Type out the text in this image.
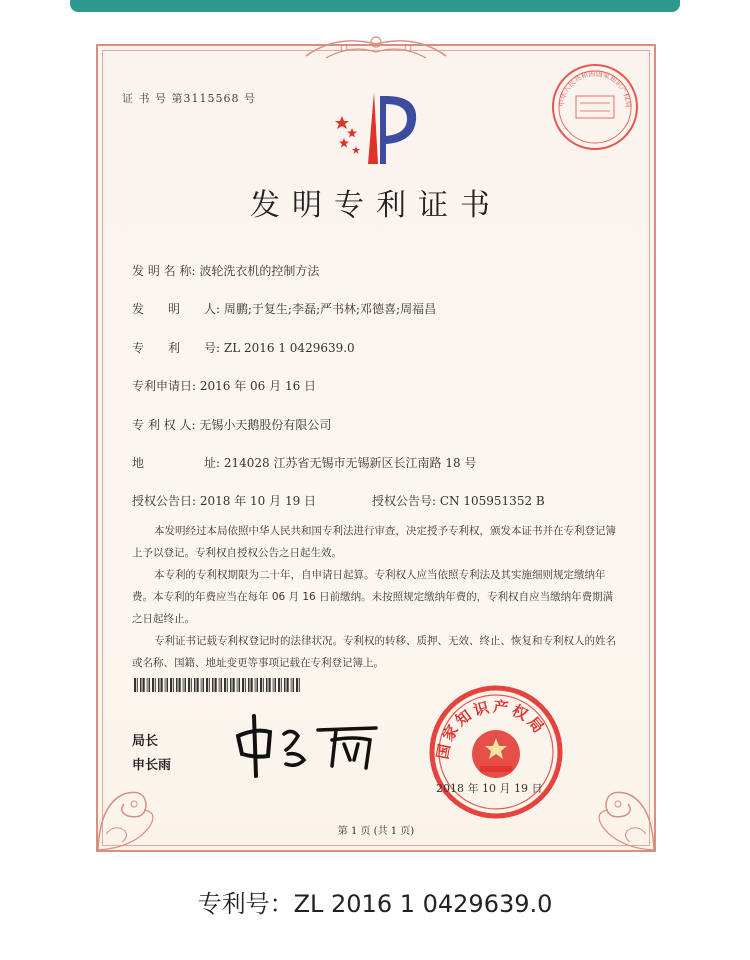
证 书 号 第3115568 号	中华人民共和国国家知识产权局
发明专利证书
发 明 名 称: 波轮洗衣机的控制方法
发　　明　　人: 周鹏;于复生;李磊;严书林;邓德喜;周福昌
专　　利　　号: ZL 2016 1 0429639.0
专利申请日: 2016 年 06 月 16 日
专 利 权 人: 无锡小天鹅股份有限公司
地　　　　　址: 214028 江苏省无锡市无锡新区长江南路 18 号
授权公告日: 2018 年 10 月 19 日	授权公告号: CN 105951352 B

本发明经过本局依照中华人民共和国专利法进行审查，决定授予专利权，颁发本证书并在专利登记簿上予以登记。专利权自授权公告之日起生效。

本专利的专利权期限为二十年，自申请日起算。专利权人应当依照专利法及其实施细则规定缴纳年费。本专利的年费应当在每年 06 月 16 日前缴纳。未按照规定缴纳年费的，专利权自应当缴纳年费期满之日起终止。

专利证书记载专利权登记时的法律状况。专利权的转移、质押、无效、终止、恢复和专利权人的姓名或名称、国籍、地址变更等事项记载在专利登记簿上。

局长
申长雨
国家知识产权局
2018 年 10 月 19 日
第 1 页 (共 1 页)
专利号：ZL 2016 1 0429639.0
